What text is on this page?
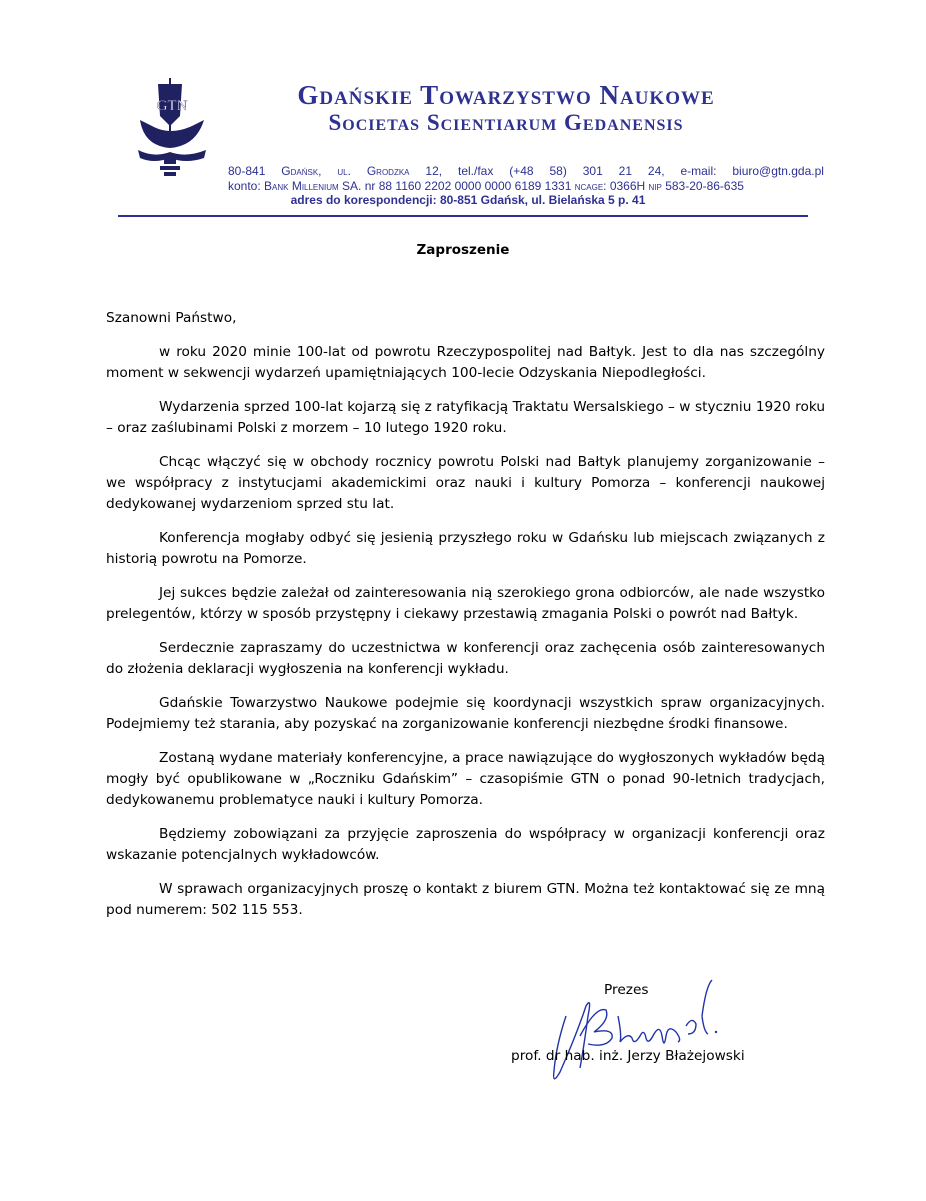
GTN	Gdańskie Towarzystwo Naukowe
Societas Scientiarum Gedanensis
80-841 Gdańsk, ul. Grodzka 12, tel./fax (+48 58) 301 21 24, e-mail: biuro@gtn.gda.pl
konto: Bank Millenium SA. nr 88 1160 2202 0000 0000 6189 1331 ncage: 0366H nip 583-20-86-635
adres do korespondencji: 80-851 Gdańsk, ul. Bielańska 5 p. 41
Zaproszenie

Szanowni Państwo,

w roku 2020 minie 100-lat od powrotu Rzeczypospolitej nad Bałtyk. Jest to dla nas szczególny moment w sekwencji wydarzeń upamiętniających 100-lecie Odzyskania Niepodległości.

Wydarzenia sprzed 100-lat kojarzą się z ratyfikacją Traktatu Wersalskiego – w styczniu 1920 roku – oraz zaślubinami Polski z morzem – 10 lutego 1920 roku.

Chcąc włączyć się w obchody rocznicy powrotu Polski nad Bałtyk planujemy zorganizowanie – we współpracy z instytucjami akademickimi oraz nauki i kultury Pomorza – konferencji naukowej dedykowanej wydarzeniom sprzed stu lat.

Konferencja mogłaby odbyć się jesienią przyszłego roku w Gdańsku lub miejscach związanych z historią powrotu na Pomorze.

Jej sukces będzie zależał od zainteresowania nią szerokiego grona odbiorców, ale nade wszystko prelegentów, którzy w sposób przystępny i ciekawy przestawią zmagania Polski o powrót nad Bałtyk.

Serdecznie zapraszamy do uczestnictwa w konferencji oraz zachęcenia osób zainteresowanych do złożenia deklaracji wygłoszenia na konferencji wykładu.

Gdańskie Towarzystwo Naukowe podejmie się koordynacji wszystkich spraw organizacyjnych. Podejmiemy też starania, aby pozyskać na zorganizowanie konferencji niezbędne środki finansowe.

Zostaną wydane materiały konferencyjne, a prace nawiązujące do wygłoszonych wykładów będą mogły być opublikowane w „Roczniku Gdańskim” – czasopiśmie GTN o ponad 90-letnich tradycjach, dedykowanemu problematyce nauki i kultury Pomorza.

Będziemy zobowiązani za przyjęcie zaproszenia do współpracy w organizacji konferencji oraz wskazanie potencjalnych wykładowców.

W sprawach organizacyjnych proszę o kontakt z biurem GTN. Można też kontaktować się ze mną pod numerem: 502 115 553.

Prezes
prof. dr hab. inż. Jerzy Błażejowski
